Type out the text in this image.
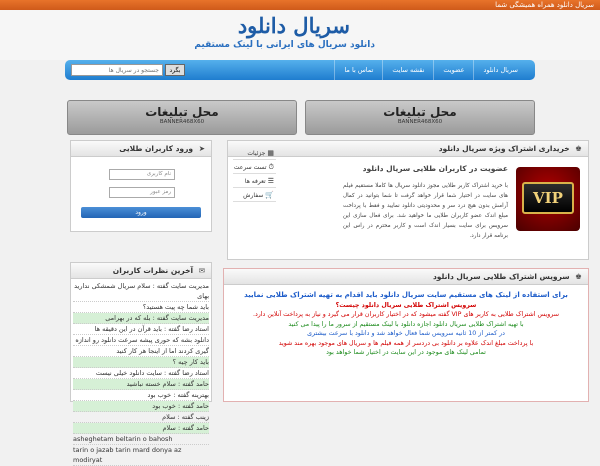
سریال دانلود همراه همیشگی شما
سریال دانلود
دانلود سریال های ایرانی با لینک مستقیم
سریال دانلود
عضویت
نقشه سایت
تماس با ما
جستجو در سریال ها
بگرد
محل تبلیغات
BANNER468X60
محل تبلیغات
BANNER468X60
➤ ورود کاربران طلایی
نام کاربری
رمز عبور
ورود
♚ خریداری اشتراک ویژه سریال دانلود
VIP
عضویت در کاربران طلایی سریال دانلود
با خرید اشتراک کاربر طلایی مجوز دانلود سریال ها کاملا مستقیم فیلم های سایت در اختیار شما قرار خواهد گرفت تا شما بتوانید در کمال آرامش بدون هیچ درد سر و محدودیتی دانلود نمایید و فقط با پرداخت مبلغ اندک عضو کاربران طلایی ما خواهید شد. برای فعال سازی این سرویس برای سایت بسیار اندک است و کاربر محترم در راس این برنامه قرار دارد.
▦جزئیات
⏱تست سرعت
☰تعرفه ها
🛒سفارش
✉ آخرین نظرات کاربران
مدیریت سایت گفته : سلام سریال شمشکی ندارید بهای
باید شما چه پیت هستید؟
مدیریت سایت گفته : بله که در بهرامی
استاد رضا گفته : باید قرآن در این دقیقه ها
دانلود بشه که حوری پیشه سرعت دانلود رو اندازه
گیری کردند اما از اینجا هر کار کنید
باید کار چیه ؟
استاد رضا گفته : سایت دانلود خیلی نیست
حامد گفته : سلام خسته نباشید
بهترینه گفته : خوب بود
حامد گفته : خوب بود
زینب گفته : سلام
حامد گفته : سلام
asheghetam beltarin o bahosh
tarin o jazab tarin mard donya az modiryat
♚ سرویس اشتراک طلایی سریال دانلود
برای استفاده از لینک های مستقیم سایت سریال دانلود باید اقدام به تهیه اشتراک طلایی نمایید
سرویس اشتراک طلایی سریال دانلود چیست؟
سرویس اشتراک طلایی به کاربر های VIP گفته میشود که در اختیار کاربران قرار می گیرد و نیاز به پرداخت آنلاین دارد.
با تهیه اشتراک طلایی سریال دانلود اجازه دانلود با لینک مستقیم از سرور ما را پیدا می کنید
در کمتر از 10 ثانیه سرویس شما فعال خواهد شد و دانلود با سرعت بیشتری
با پرداخت مبلغ اندک علاوه بر دانلود بی دردسر از همه فیلم ها و سریال های موجود بهره مند شوید
تمامی لینک های موجود در این سایت در اختیار شما خواهد بود
